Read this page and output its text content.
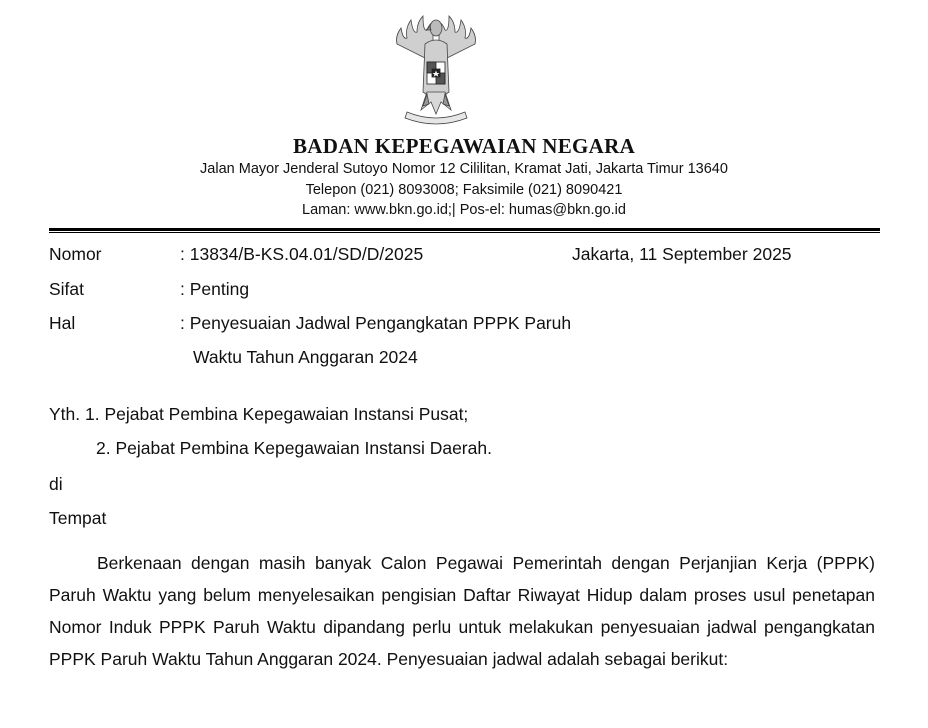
BADAN KEPEGAWAIAN NEGARA
Jalan Mayor Jenderal Sutoyo Nomor 12 Cililitan, Kramat Jati, Jakarta Timur 13640
Telepon (021) 8093008; Faksimile (021) 8090421
Laman: www.bkn.go.id;| Pos-el: humas@bkn.go.id
Nomor	: 13834/B-KS.04.01/SD/D/2025	Jakarta, 11 September 2025
Sifat	: Penting
Hal	: Penyesuaian Jadwal Pengangkatan PPPK Paruh
Waktu Tahun Anggaran 2024
Yth. 1. Pejabat Pembina Kepegawaian Instansi Pusat;
2. Pejabat Pembina Kepegawaian Instansi Daerah.
di
Tempat

Berkenaan dengan masih banyak Calon Pegawai Pemerintah dengan Perjanjian Kerja (PPPK) Paruh Waktu yang belum menyelesaikan pengisian Daftar Riwayat Hidup dalam proses usul penetapan Nomor Induk PPPK Paruh Waktu dipandang perlu untuk melakukan penyesuaian jadwal pengangkatan PPPK Paruh Waktu Tahun Anggaran 2024. Penyesuaian jadwal adalah sebagai berikut:
